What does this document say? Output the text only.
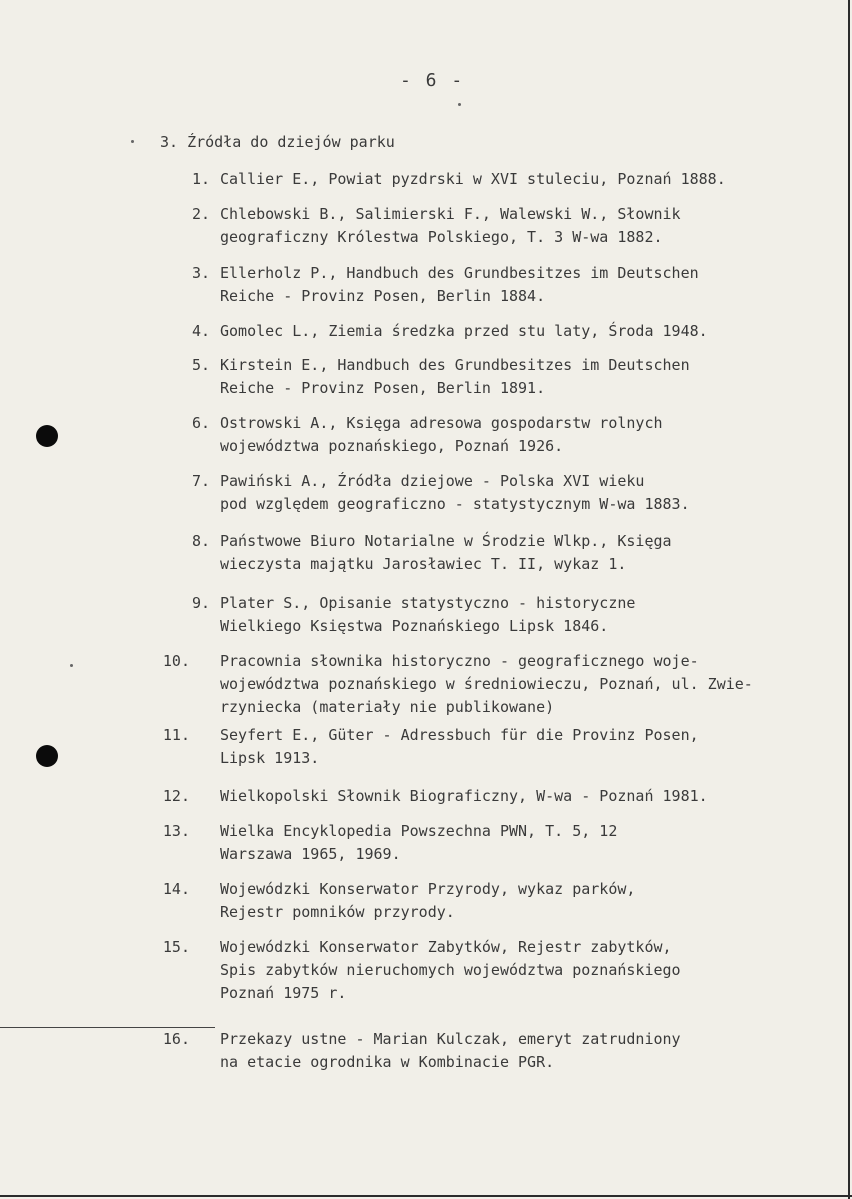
- 6 -
3. Źródła do dziejów parku
1. Callier E., Powiat pyzdrski w XVI stuleciu, Poznań 1888.
2. Chlebowski B., Salimierski F., Walewski W., Słownik
geograficzny Królestwa Polskiego, T. 3 W-wa 1882.
3. Ellerholz P., Handbuch des Grundbesitzes im Deutschen
Reiche - Provinz Posen, Berlin 1884.
4. Gomolec L., Ziemia średzka przed stu laty, Środa 1948.
5. Kirstein E., Handbuch des Grundbesitzes im Deutschen
Reiche - Provinz Posen, Berlin 1891.
6. Ostrowski A., Księga adresowa gospodarstw rolnych
województwa poznańskiego, Poznań 1926.
7. Pawiński A., Źródła dziejowe - Polska XVI wieku
pod względem geograficzno - statystycznym W-wa 1883.
8. Państwowe Biuro Notarialne w Środzie Wlkp., Księga
wieczysta majątku Jarosławiec T. II, wykaz 1.
9. Plater S., Opisanie statystyczno - historyczne
Wielkiego Księstwa Poznańskiego Lipsk 1846.
10. Pracownia słownika historyczno - geograficznego woje-
województwa poznańskiego w średniowieczu, Poznań, ul. Zwie-
rzyniecka (materiały nie publikowane)
11. Seyfert E., Güter - Adressbuch für die Provinz Posen,
Lipsk 1913.
12. Wielkopolski Słownik Biograficzny, W-wa - Poznań 1981.
13. Wielka Encyklopedia Powszechna PWN, T. 5, 12
Warszawa 1965, 1969.
14. Wojewódzki Konserwator Przyrody, wykaz parków,
Rejestr pomników przyrody.
15. Wojewódzki Konserwator Zabytków, Rejestr zabytków,
Spis zabytków nieruchomych województwa poznańskiego
Poznań 1975 r.
16. Przekazy ustne - Marian Kulczak, emeryt zatrudniony
na etacie ogrodnika w Kombinacie PGR.
